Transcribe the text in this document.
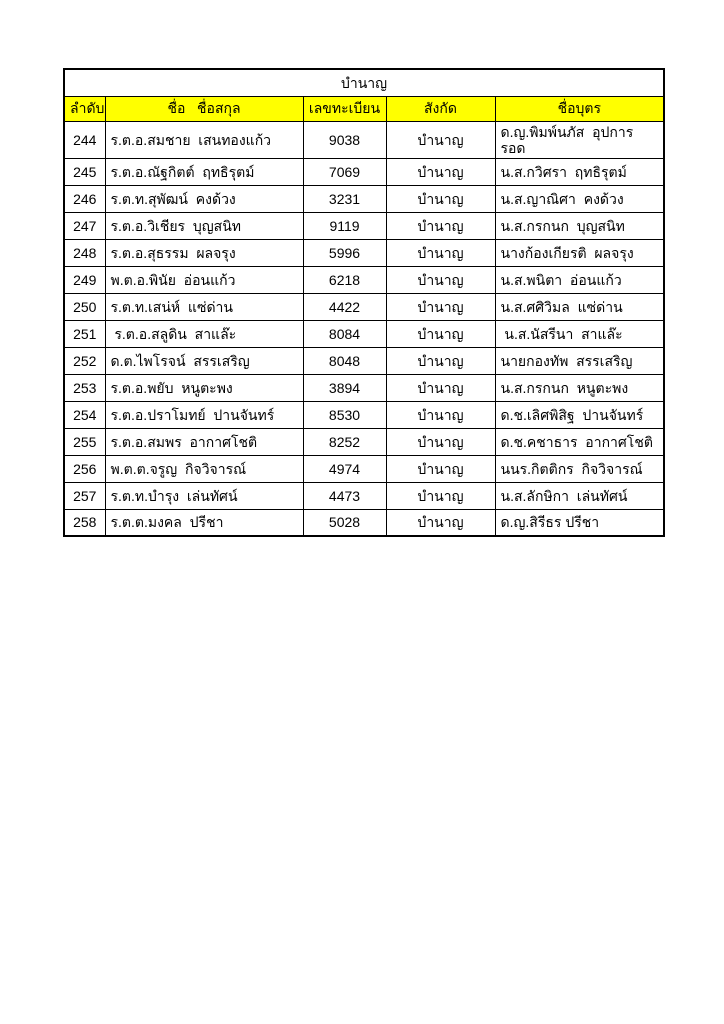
บำนาญ				
ลำดับ	ชื่อ   ชื่อสกุล	เลขทะเบียน	สังกัด	ชื่อบุตร
244	ร.ต.อ.สมชาย  เสนทองแก้ว	9038	บำนาญ	ด.ญ.พิมพ์นภัส  อุปการรอด
245	ร.ต.อ.ณัฐกิตต์  ฤทธิรุตม์	7069	บำนาญ	น.ส.กวิศรา  ฤทธิรุตม์
246	ร.ต.ท.สุพัฒน์  คงด้วง	3231	บำนาญ	น.ส.ญาณิศา  คงด้วง
247	ร.ต.อ.วิเชียร  บุญสนิท	9119	บำนาญ	น.ส.กรกนก  บุญสนิท
248	ร.ต.อ.สุธรรม  ผลจรุง	5996	บำนาญ	นางก้องเกียรติ  ผลจรุง
249	พ.ต.อ.พินัย  อ่อนแก้ว	6218	บำนาญ	น.ส.พนิตา  อ่อนแก้ว
250	ร.ต.ท.เสน่ห์  แซ่ด่าน	4422	บำนาญ	น.ส.ศศิวิมล  แซ่ด่าน
251	ร.ต.อ.สลูดิน  สาแล๊ะ	8084	บำนาญ	น.ส.นัสรีนา  สาแล๊ะ
252	ด.ต.ไพโรจน์  สรรเสริญ	8048	บำนาญ	นายกองทัพ  สรรเสริญ
253	ร.ต.อ.พยับ  หนูตะพง	3894	บำนาญ	น.ส.กรกนก  หนูตะพง
254	ร.ต.อ.ปราโมทย์  ปานจันทร์	8530	บำนาญ	ด.ช.เลิศพิสิฐ  ปานจันทร์
255	ร.ต.อ.สมพร  อากาศโชติ	8252	บำนาญ	ด.ช.คชาธาร  อากาศโชติ
256	พ.ต.ต.จรูญ  กิจวิจารณ์	4974	บำนาญ	นนร.กิตติกร  กิจวิจารณ์
257	ร.ต.ท.บำรุง  เล่นทัศน์	4473	บำนาญ	น.ส.ลักษิกา  เล่นทัศน์
258	ร.ต.ต.มงคล  ปรีชา	5028	บำนาญ	ด.ญ.สิรีธร ปรีชา
